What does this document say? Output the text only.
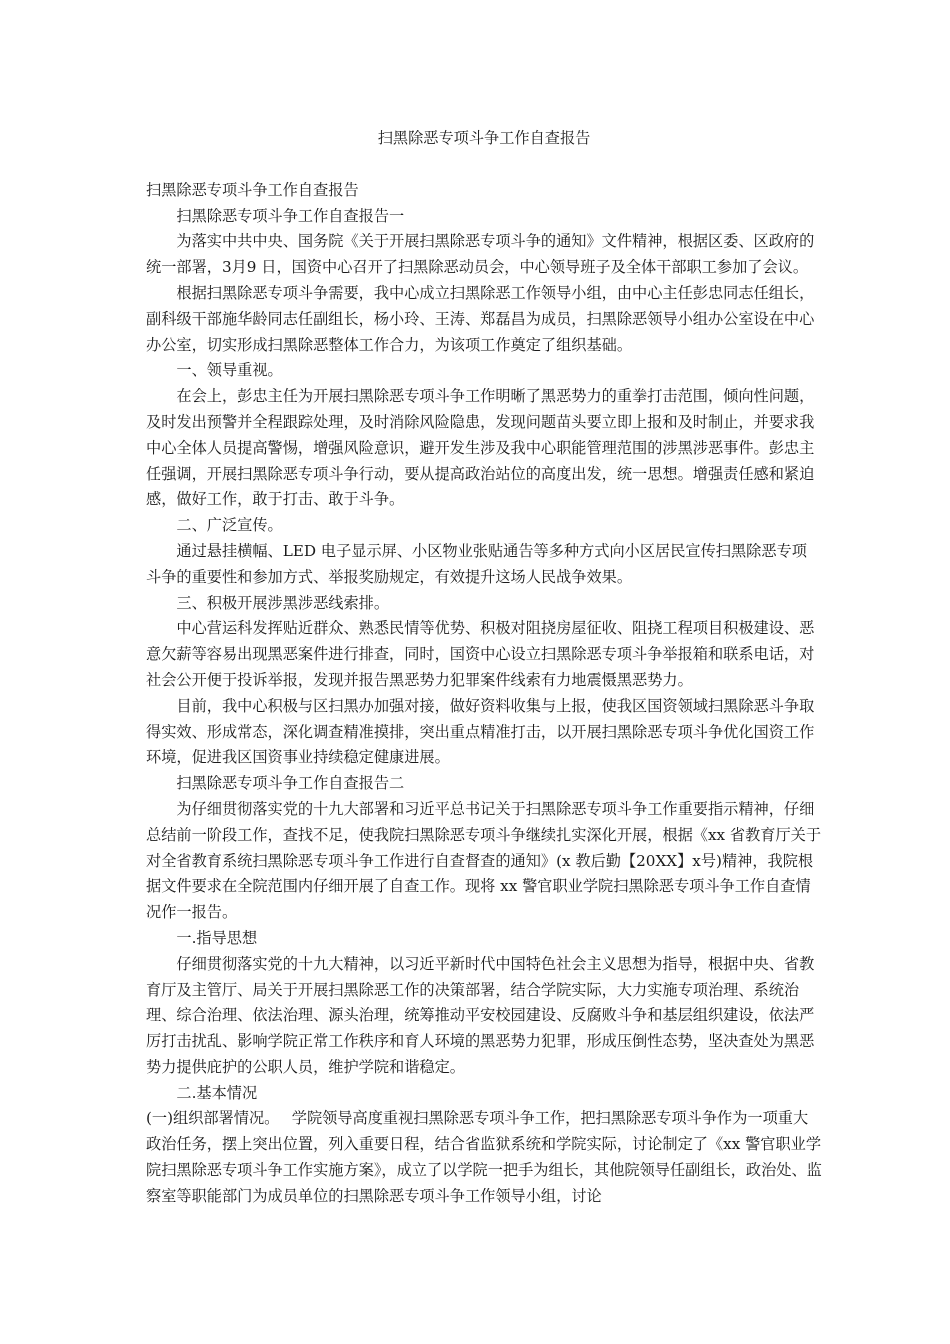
扫黑除恶专项斗争工作自查报告

扫黑除恶专项斗争工作自查报告

扫黑除恶专项斗争工作自查报告一

为落实中共中央、国务院《关于开展扫黑除恶专项斗争的通知》文件精神，根据区委、区政府的统一部署，3月9 日，国资中心召开了扫黑除恶动员会，中心领导班子及全体干部职工参加了会议。

根据扫黑除恶专项斗争需要，我中心成立扫黑除恶工作领导小组，由中心主任彭忠同志任组长，副科级干部施华龄同志任副组长，杨小玲、王涛、郑磊昌为成员，扫黑除恶领导小组办公室设在中心办公室，切实形成扫黑除恶整体工作合力，为该项工作奠定了组织基础。

一、领导重视。

在会上，彭忠主任为开展扫黑除恶专项斗争工作明晰了黑恶势力的重拳打击范围，倾向性问题，及时发出预警并全程跟踪处理，及时消除风险隐患，发现问题苗头要立即上报和及时制止，并要求我中心全体人员提高警惕，增强风险意识，避开发生涉及我中心职能管理范围的涉黑涉恶事件。彭忠主任强调，开展扫黑除恶专项斗争行动，要从提高政治站位的高度出发，统一思想。增强责任感和紧迫感，做好工作，敢于打击、敢于斗争。

二、广泛宣传。

通过悬挂横幅、LED 电子显示屏、小区物业张贴通告等多种方式向小区居民宣传扫黑除恶专项斗争的重要性和参加方式、举报奖励规定，有效提升这场人民战争效果。

三、积极开展涉黑涉恶线索排。

中心营运科发挥贴近群众、熟悉民情等优势、积极对阻挠房屋征收、阻挠工程项目积极建设、恶意欠薪等容易出现黑恶案件进行排查，同时，国资中心设立扫黑除恶专项斗争举报箱和联系电话，对社会公开便于投诉举报，发现并报告黑恶势力犯罪案件线索有力地震慑黑恶势力。

目前，我中心积极与区扫黑办加强对接，做好资料收集与上报，使我区国资领域扫黑除恶斗争取得实效、形成常态，深化调查精准摸排，突出重点精准打击，以开展扫黑除恶专项斗争优化国资工作环境，促进我区国资事业持续稳定健康进展。

扫黑除恶专项斗争工作自查报告二

为仔细贯彻落实党的十九大部署和习近平总书记关于扫黑除恶专项斗争工作重要指示精神，仔细总结前一阶段工作，查找不足，使我院扫黑除恶专项斗争继续扎实深化开展，根据《xx 省教育厅关于对全省教育系统扫黑除恶专项斗争工作进行自查督查的通知》(x 教后勤【20XX】x号)精神，我院根据文件要求在全院范围内仔细开展了自查工作。现将 xx 警官职业学院扫黑除恶专项斗争工作自查情况作一报告。

一.指导思想

仔细贯彻落实党的十九大精神，以习近平新时代中国特色社会主义思想为指导，根据中央、省教育厅及主管厅、局关于开展扫黑除恶工作的决策部署，结合学院实际，大力实施专项治理、系统治理、综合治理、依法治理、源头治理，统筹推动平安校园建设、反腐败斗争和基层组织建设，依法严厉打击扰乱、影响学院正常工作秩序和育人环境的黑恶势力犯罪，形成压倒性态势，坚决查处为黑恶势力提供庇护的公职人员，维护学院和谐稳定。

二.基本情况

(一)组织部署情况。　 学院领导高度重视扫黑除恶专项斗争工作，把扫黑除恶专项斗争作为一项重大政治任务，摆上突出位置，列入重要日程，结合省监狱系统和学院实际，讨论制定了《xx 警官职业学院扫黑除恶专项斗争工作实施方案》，成立了以学院一把手为组长，其他院领导任副组长，政治处、监察室等职能部门为成员单位的扫黑除恶专项斗争工作领导小组，讨论
